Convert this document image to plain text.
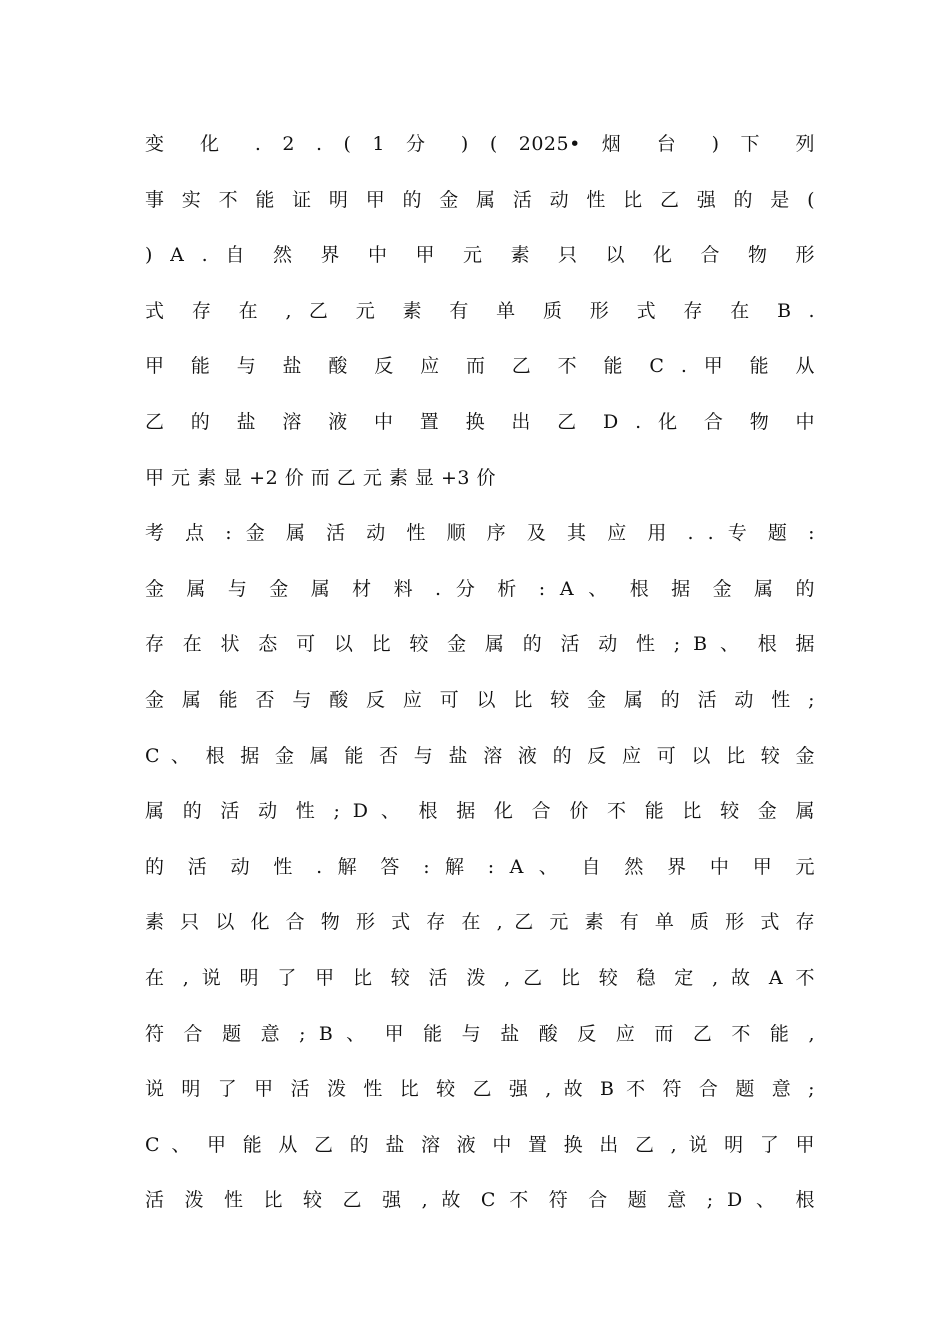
变 化 . 2 . ( 1 分 ) ( 2025• 烟 台 ) 下 列
事 实 不 能 证 明 甲 的 金 属 活 动 性 比 乙 强 的 是 (
) A . 自 然 界 中 甲 元 素 只 以 化 合 物 形
式 存 在 , 乙 元 素 有 单 质 形 式 存 在 B .
甲 能 与 盐 酸 反 应 而 乙 不 能 C . 甲 能 从
乙 的 盐 溶 液 中 置 换 出 乙 D . 化 合 物 中
甲 元 素 显 +2 价 而 乙 元 素 显 +3 价
考 点 : 金 属 活 动 性 顺 序 及 其 应 用 . . 专 题 :
金 属 与 金 属 材 料 . 分 析 : A 、 根 据 金 属 的
存 在 状 态 可 以 比 较 金 属 的 活 动 性 ; B 、 根 据
金 属 能 否 与 酸 反 应 可 以 比 较 金 属 的 活 动 性 ;
C 、 根 据 金 属 能 否 与 盐 溶 液 的 反 应 可 以 比 较 金
属 的 活 动 性 ; D 、 根 据 化 合 价 不 能 比 较 金 属
的 活 动 性 . 解 答 : 解 : A 、 自 然 界 中 甲 元
素 只 以 化 合 物 形 式 存 在 , 乙 元 素 有 单 质 形 式 存
在 , 说 明 了 甲 比 较 活 泼 , 乙 比 较 稳 定 , 故 A 不
符 合 题 意 ; B 、 甲 能 与 盐 酸 反 应 而 乙 不 能 ,
说 明 了 甲 活 泼 性 比 较 乙 强 , 故 B 不 符 合 题 意 ;
C 、 甲 能 从 乙 的 盐 溶 液 中 置 换 出 乙 , 说 明 了 甲
活 泼 性 比 较 乙 强 , 故 C 不 符 合 题 意 ; D 、 根
